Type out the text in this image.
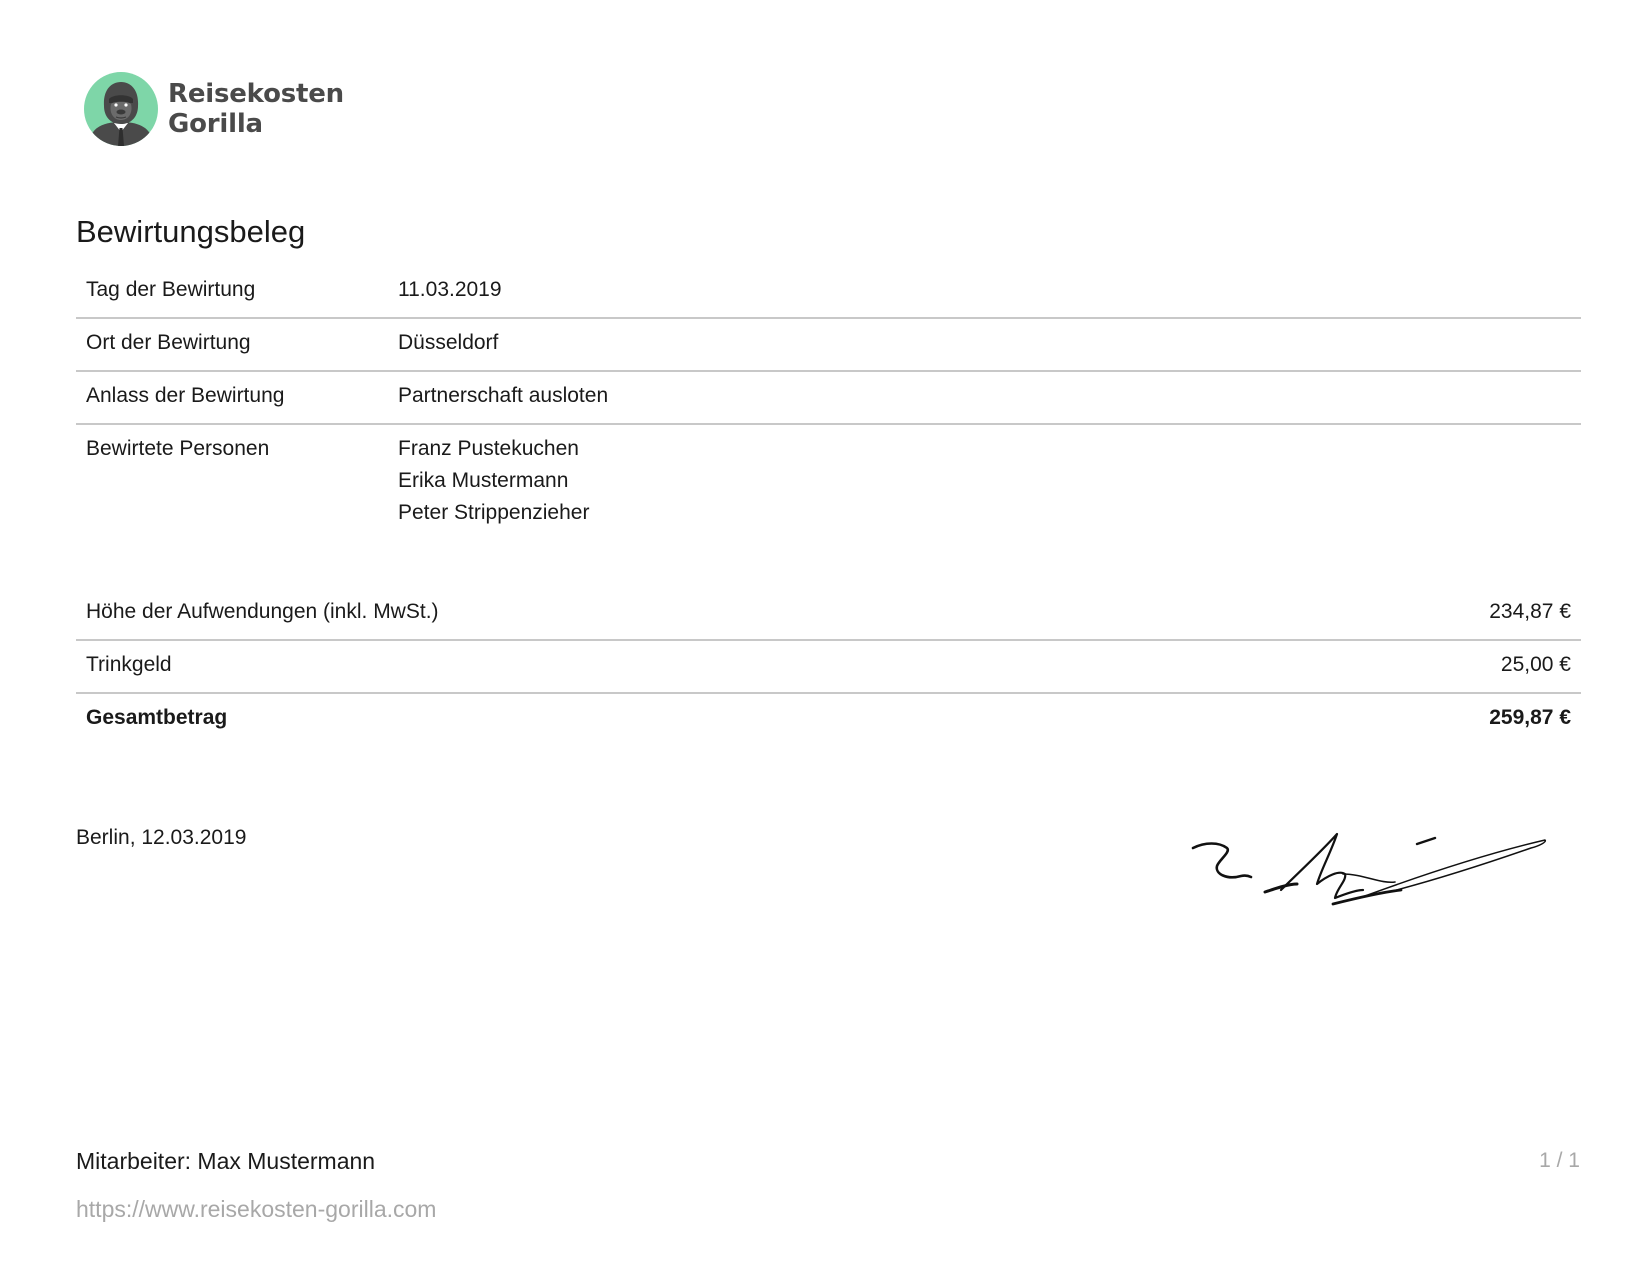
Reisekosten
Gorilla
Bewirtungsbeleg
Tag der Bewirtung	11.03.2019
Ort der Bewirtung	Düsseldorf
Anlass der Bewirtung	Partnerschaft ausloten
Bewirtete Personen	Franz Pustekuchen
Erika Mustermann
Peter Strippenzieher
Höhe der Aufwendungen (inkl. MwSt.)	234,87 €
Trinkgeld	25,00 €
Gesamtbetrag	259,87 €
Berlin, 12.03.2019
Mitarbeiter: Max Mustermann	1 / 1
https://www.reisekosten-gorilla.com
